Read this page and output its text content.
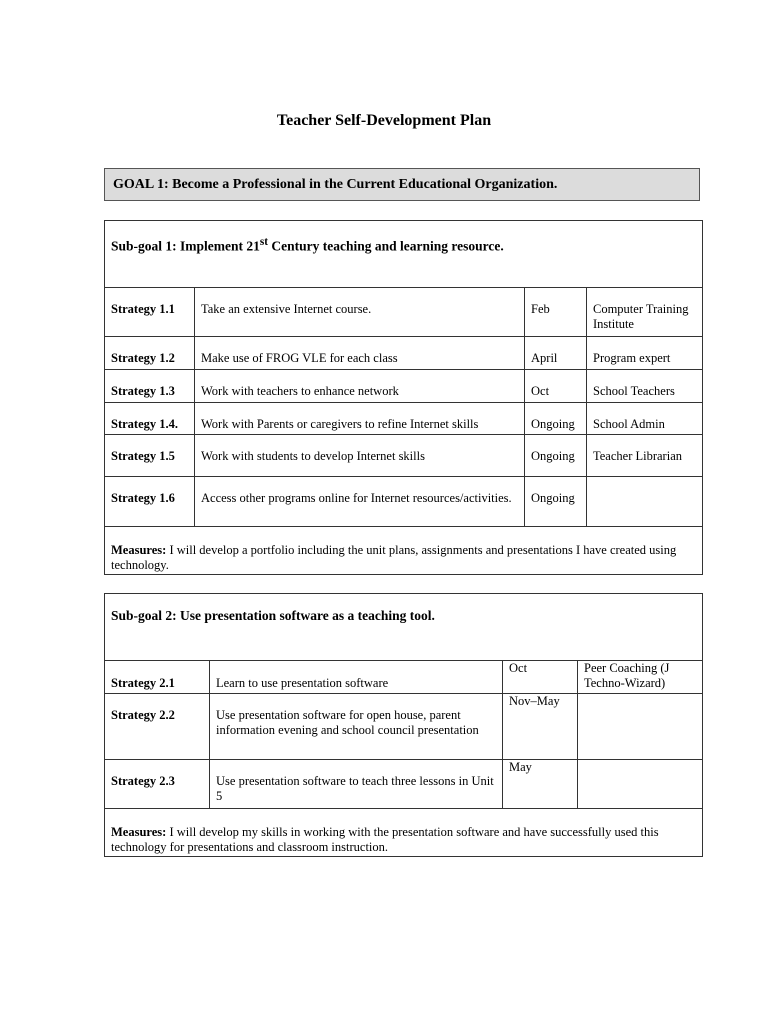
Teacher Self-Development Plan
GOAL 1: Become a Professional in the Current Educational Organization.
Sub-goal 1: Implement 21st Century teaching and learning resource.			
Strategy 1.1	Take an extensive Internet course.	Feb	Computer Training Institute
Strategy 1.2	Make use of FROG VLE for each class	April	Program expert
Strategy 1.3	Work with teachers to enhance network	Oct	School Teachers
Strategy 1.4.	Work with Parents or caregivers to refine Internet skills	Ongoing	School Admin
Strategy 1.5	Work with students to develop Internet skills	Ongoing	Teacher Librarian
Strategy 1.6	Access other programs online for Internet resources/activities.	Ongoing	
Measures: I will develop a portfolio including the unit plans, assignments and presentations I have created using technology.			
Sub-goal 2: Use presentation software as a teaching tool.			
Strategy 2.1	Learn to use presentation software	Oct	Peer Coaching (J Techno-Wizard)
Strategy 2.2	Use presentation software for open house, parent information evening and school council presentation	Nov–May	
Strategy 2.3	Use presentation software to teach three lessons in Unit 5	May	
Measures: I will develop my skills in working with the presentation software and have successfully used this technology for presentations and classroom instruction.			
